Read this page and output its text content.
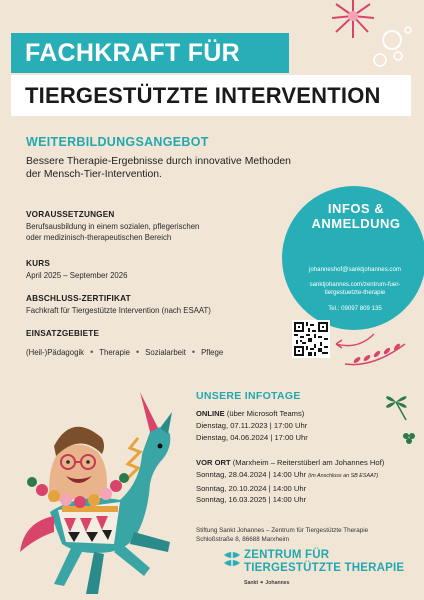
FACHKRAFT FÜR
TIERGESTÜTZTE INTERVENTION
WEITERBILDUNGSANGEBOT
Bessere Therapie-Ergebnisse durch innovative Methoden
der Mensch-Tier-Intervention.
VORAUSSETZUNGEN
Berufsausbildung in einem sozialen, pflegerischen
oder medizinisch-therapeutischen Bereich
KURS
April 2025 – September 2026
ABSCHLUSS-ZERTIFIKAT
Fachkraft für Tiergestützte Intervention (nach ESAAT)
EINSATZGEBIETE
(Heil-)Pädagogik • Therapie • Sozialarbeit • Pflege
INFOS &
ANMELDUNG
johanneshof@sanktjohannes.com
sanktjohannes.com/zentrum-fuer-
tiergestuetzte-therapie
Tel.: 09097 809 135
UNSERE INFOTAGE
ONLINE (über Microsoft Teams)
Dienstag, 07.11.2023 | 17:00 Uhr
Dienstag, 04.06.2024 | 17:00 Uhr
VOR ORT (Marxheim – Reiterstüberl am Johannes Hof)
Sonntag, 28.04.2024 | 14:00 Uhr (im Anschluss an SB ESAAT)
Sonntag, 20.10.2024 | 14:00 Uhr
Sonntag, 16.03.2025 | 14:00 Uhr
Stiftung Sankt Johannes – Zentrum für Tiergestützte Therapie
Schloßstraße 8, 86688 Marxheim
ZENTRUM FÜR
TIERGESTÜTZTE THERAPIE
Sankt ⚭ Johannes
